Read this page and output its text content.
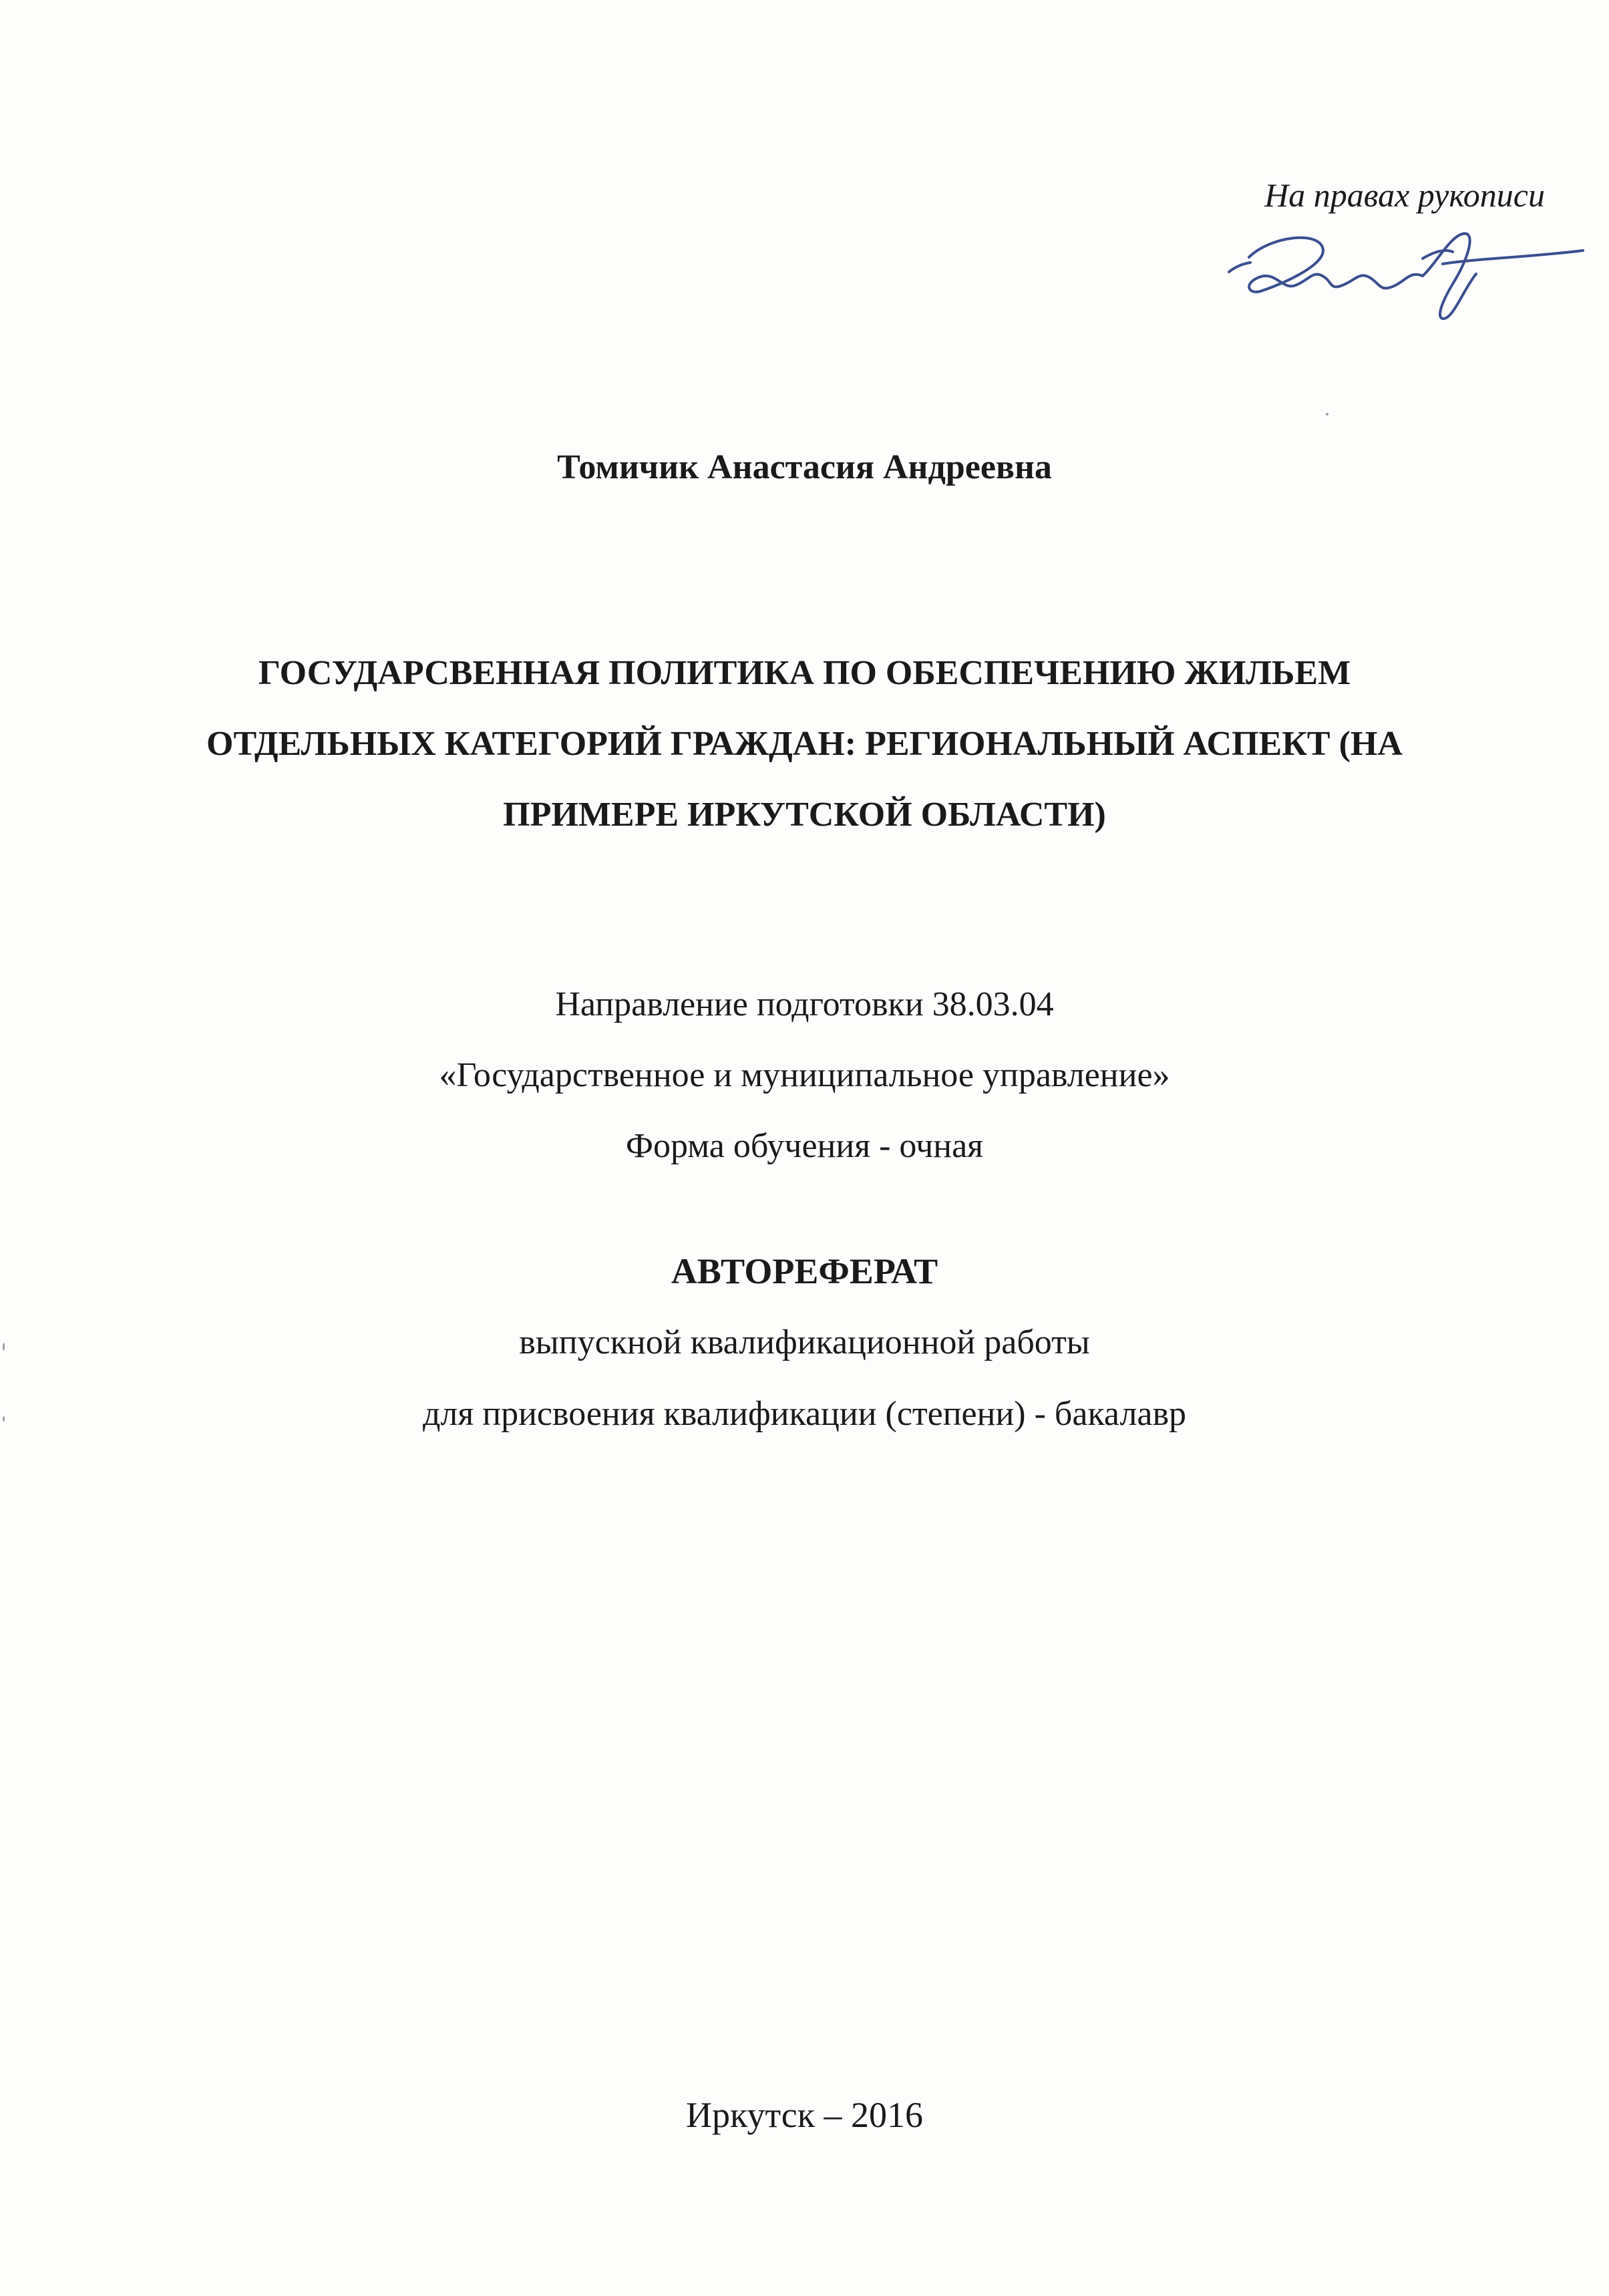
На правах рукописи

Томичик Анастасия Андреевна

ГОСУДАРСВЕННАЯ ПОЛИТИКА ПО ОБЕСПЕЧЕНИЮ ЖИЛЬЕМ
ОТДЕЛЬНЫХ КАТЕГОРИЙ ГРАЖДАН: РЕГИОНАЛЬНЫЙ АСПЕКТ (НА
ПРИМЕРЕ ИРКУТСКОЙ ОБЛАСТИ)

Направление подготовки 38.03.04

«Государственное и муниципальное управление»

Форма обучения - очная

АВТОРЕФЕРАТ

выпускной квалификационной работы

для присвоения квалификации (степени) - бакалавр

Иркутск – 2016
